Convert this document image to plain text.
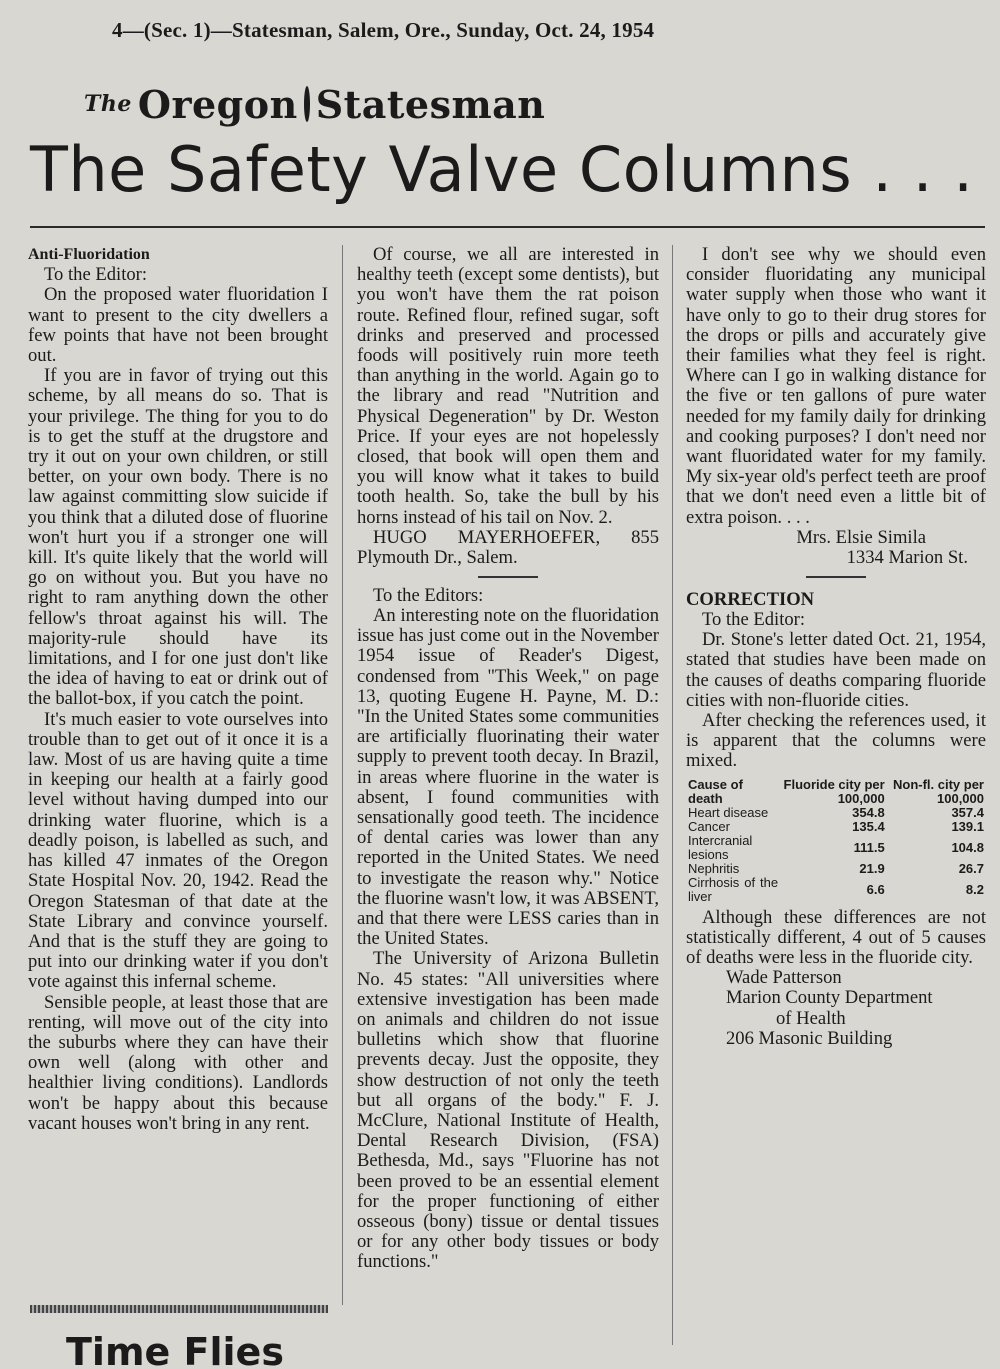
4—(Sec. 1)—Statesman, Salem, Ore., Sunday, Oct. 24, 1954
The Oregon Statesman
The Safety Valve Columns . . .

Anti-Fluoridation

To the Editor:

On the proposed water fluoridation I want to present to the city dwellers a few points that have not been brought out.

If you are in favor of trying out this scheme, by all means do so. That is your privilege. The thing for you to do is to get the stuff at the drugstore and try it out on your own children, or still better, on your own body. There is no law against committing slow suicide if you think that a diluted dose of fluorine won't hurt you if a stronger one will kill. It's quite likely that the world will go on without you. But you have no right to ram anything down the other fellow's throat against his will. The majority-rule should have its limitations, and I for one just don't like the idea of having to eat or drink out of the ballot-box, if you catch the point.

It's much easier to vote ourselves into trouble than to get out of it once it is a law. Most of us are having quite a time in keeping our health at a fairly good level without having dumped into our drinking water fluorine, which is a deadly poison, is labelled as such, and has killed 47 inmates of the Oregon State Hospital Nov. 20, 1942. Read the Oregon Statesman of that date at the State Library and convince yourself. And that is the stuff they are going to put into our drinking water if you don't vote against this infernal scheme.

Sensible people, at least those that are renting, will move out of the city into the suburbs where they can have their own well (along with other and healthier living conditions). Landlords won't be happy about this because vacant houses won't bring in any rent.

Of course, we all are interested in healthy teeth (except some dentists), but you won't have them the rat poison route. Refined flour, refined sugar, soft drinks and preserved and processed foods will positively ruin more teeth than anything in the world. Again go to the library and read "Nutrition and Physical Degeneration" by Dr. Weston Price. If your eyes are not hopelessly closed, that book will open them and you will know what it takes to build tooth health. So, take the bull by his horns instead of his tail on Nov. 2.

HUGO MAYERHOEFER, 855 Plymouth Dr., Salem.

To the Editors:

An interesting note on the fluoridation issue has just come out in the November 1954 issue of Reader's Digest, condensed from "This Week," on page 13, quoting Eugene H. Payne, M. D.: "In the United States some communities are artificially fluorinating their water supply to prevent tooth decay. In Brazil, in areas where fluorine in the water is absent, I found communities with sensationally good teeth. The incidence of dental caries was lower than any reported in the United States. We need to investigate the reason why." Notice the fluorine wasn't low, it was ABSENT, and that there were LESS caries than in the United States.

The University of Arizona Bulletin No. 45 states: "All universities where extensive investigation has been made on animals and children do not issue bulletins which show that fluorine prevents decay. Just the opposite, they show destruction of not only the teeth but all organs of the body." F. J. McClure, National Institute of Health, Dental Research Division, (FSA) Bethesda, Md., says "Fluorine has not been proved to be an essential element for the proper functioning of either osseous (bony) tissue or dental tissues or for any other body tissues or body functions."

I don't see why we should even consider fluoridating any municipal water supply when those who want it have only to go to their drug stores for the drops or pills and accurately give their families what they feel is right. Where can I go in walking distance for the five or ten gallons of pure water needed for my family daily for drinking and cooking purposes? I don't need nor want fluoridated water for my family. My six-year old's perfect teeth are proof that we don't need even a little bit of extra poison. . . .

Mrs. Elsie Simila

1334 Marion St.

CORRECTION

To the Editor:

Dr. Stone's letter dated Oct. 21, 1954, stated that studies have been made on the causes of deaths comparing fluoride cities with non-fluoride cities.

After checking the references used, it is apparent that the columns were mixed.

Cause of death	Fluoride city per 100,000	Non-fl. city per 100,000
Heart disease	354.8	357.4
Cancer	135.4	139.1
Intercranial lesions	111.5	104.8
Nephritis	21.9	26.7
Cirrhosis of the liver	6.6	8.2

Although these differences are not statistically different, 4 out of 5 causes of deaths were less in the fluoride city.

Wade Patterson

Marion County Department

of Health

206 Masonic Building

Time Flies
